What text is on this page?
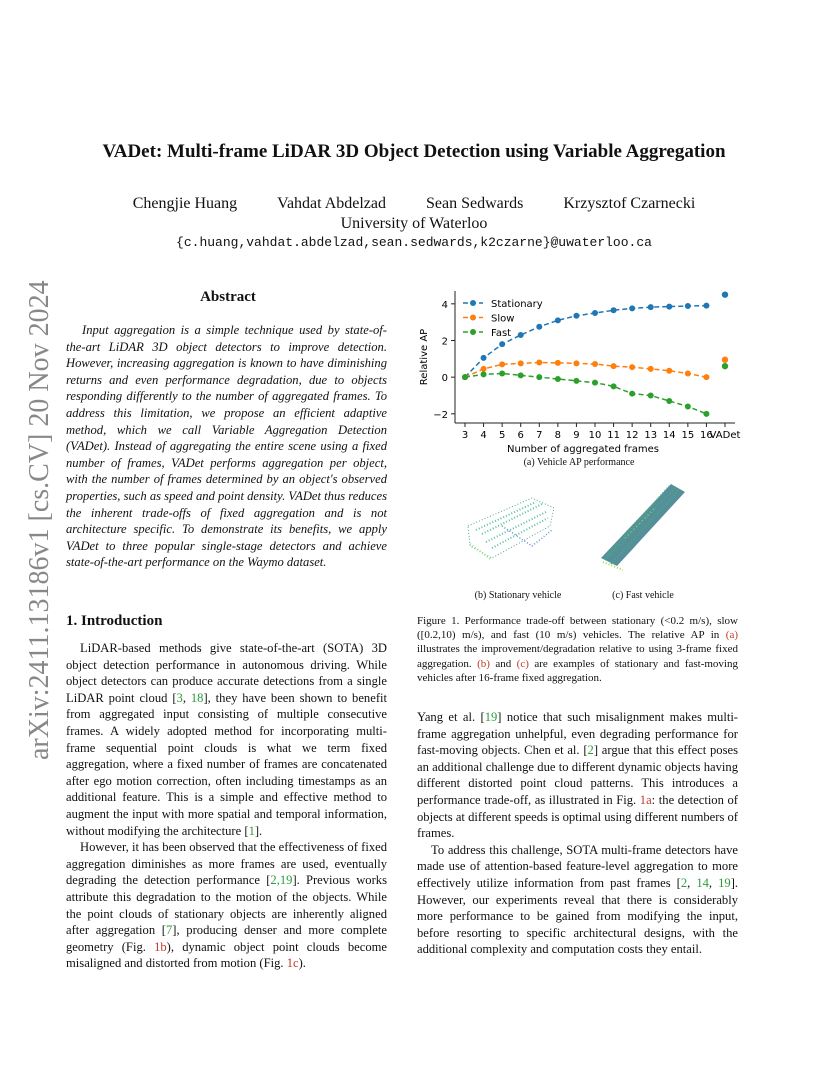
arXiv:2411.13186v1 [cs.CV] 20 Nov 2024
VADet: Multi-frame LiDAR 3D Object Detection using Variable Aggregation
Chengjie Huang	Vahdat Abdelzad	Sean Sedwards	Krzysztof Czarnecki
University of Waterloo
{c.huang,vahdat.abdelzad,sean.sedwards,k2czarne}@uwaterloo.ca
Abstract

Input aggregation is a simple technique used by state-of-the-art LiDAR 3D object detectors to improve detection. However, increasing aggregation is known to have diminishing returns and even performance degradation, due to objects responding differently to the number of aggregated frames. To address this limitation, we propose an efficient adaptive method, which we call Variable Aggregation Detection (VADet). Instead of aggregating the entire scene using a fixed number of frames, VADet performs aggregation per object, with the number of frames determined by an object's observed properties, such as speed and point density. VADet thus reduces the inherent trade-offs of fixed aggregation and is not architecture specific. To demonstrate its benefits, we apply VADet to three popular single-stage detectors and achieve state-of-the-art performance on the Waymo dataset.

1. Introduction

LiDAR-based methods give state-of-the-art (SOTA) 3D object detection performance in autonomous driving. While object detectors can produce accurate detections from a single LiDAR point cloud [3, 18], they have been shown to benefit from aggregated input consisting of multiple consecutive frames. A widely adopted method for incorporating multi-frame sequential point clouds is what we term fixed aggregation, where a fixed number of frames are concatenated after ego motion correction, often including timestamps as an additional feature. This is a simple and effective method to augment the input with more spatial and temporal information, without modifying the architecture [1].

However, it has been observed that the effectiveness of fixed aggregation diminishes as more frames are used, eventually degrading the detection performance [2,19]. Previous works attribute this degradation to the motion of the objects. While the point clouds of stationary objects are inherently aligned after aggregation [7], producing denser and more complete geometry (Fig. 1b), dynamic object point clouds become misaligned and distorted from motion (Fig. 1c).

−2
0
2
4
3 4 5 6 7 8 9 10 11 12 13 14 15 16
VADet
Number of aggregated frames
Relative AP
Stationary
Slow
Fast
(a) Vehicle AP performance
(b) Stationary vehicle	(c) Fast vehicle
Figure 1. Performance trade-off between stationary (<0.2 m/s), slow ([0.2,10) m/s), and fast (10 m/s) vehicles. The relative AP in (a) illustrates the improvement/degradation relative to using 3-frame fixed aggregation. (b) and (c) are examples of stationary and fast-moving vehicles after 16-frame fixed aggregation.

Yang et al. [19] notice that such misalignment makes multi-frame aggregation unhelpful, even degrading performance for fast-moving objects. Chen et al. [2] argue that this effect poses an additional challenge due to different dynamic objects having different distorted point cloud patterns. This introduces a performance trade-off, as illustrated in Fig. 1a: the detection of objects at different speeds is optimal using different numbers of frames.

To address this challenge, SOTA multi-frame detectors have made use of attention-based feature-level aggregation to more effectively utilize information from past frames [2, 14, 19]. However, our experiments reveal that there is considerably more performance to be gained from modifying the input, before resorting to specific architectural designs, with the additional complexity and computation costs they entail.
